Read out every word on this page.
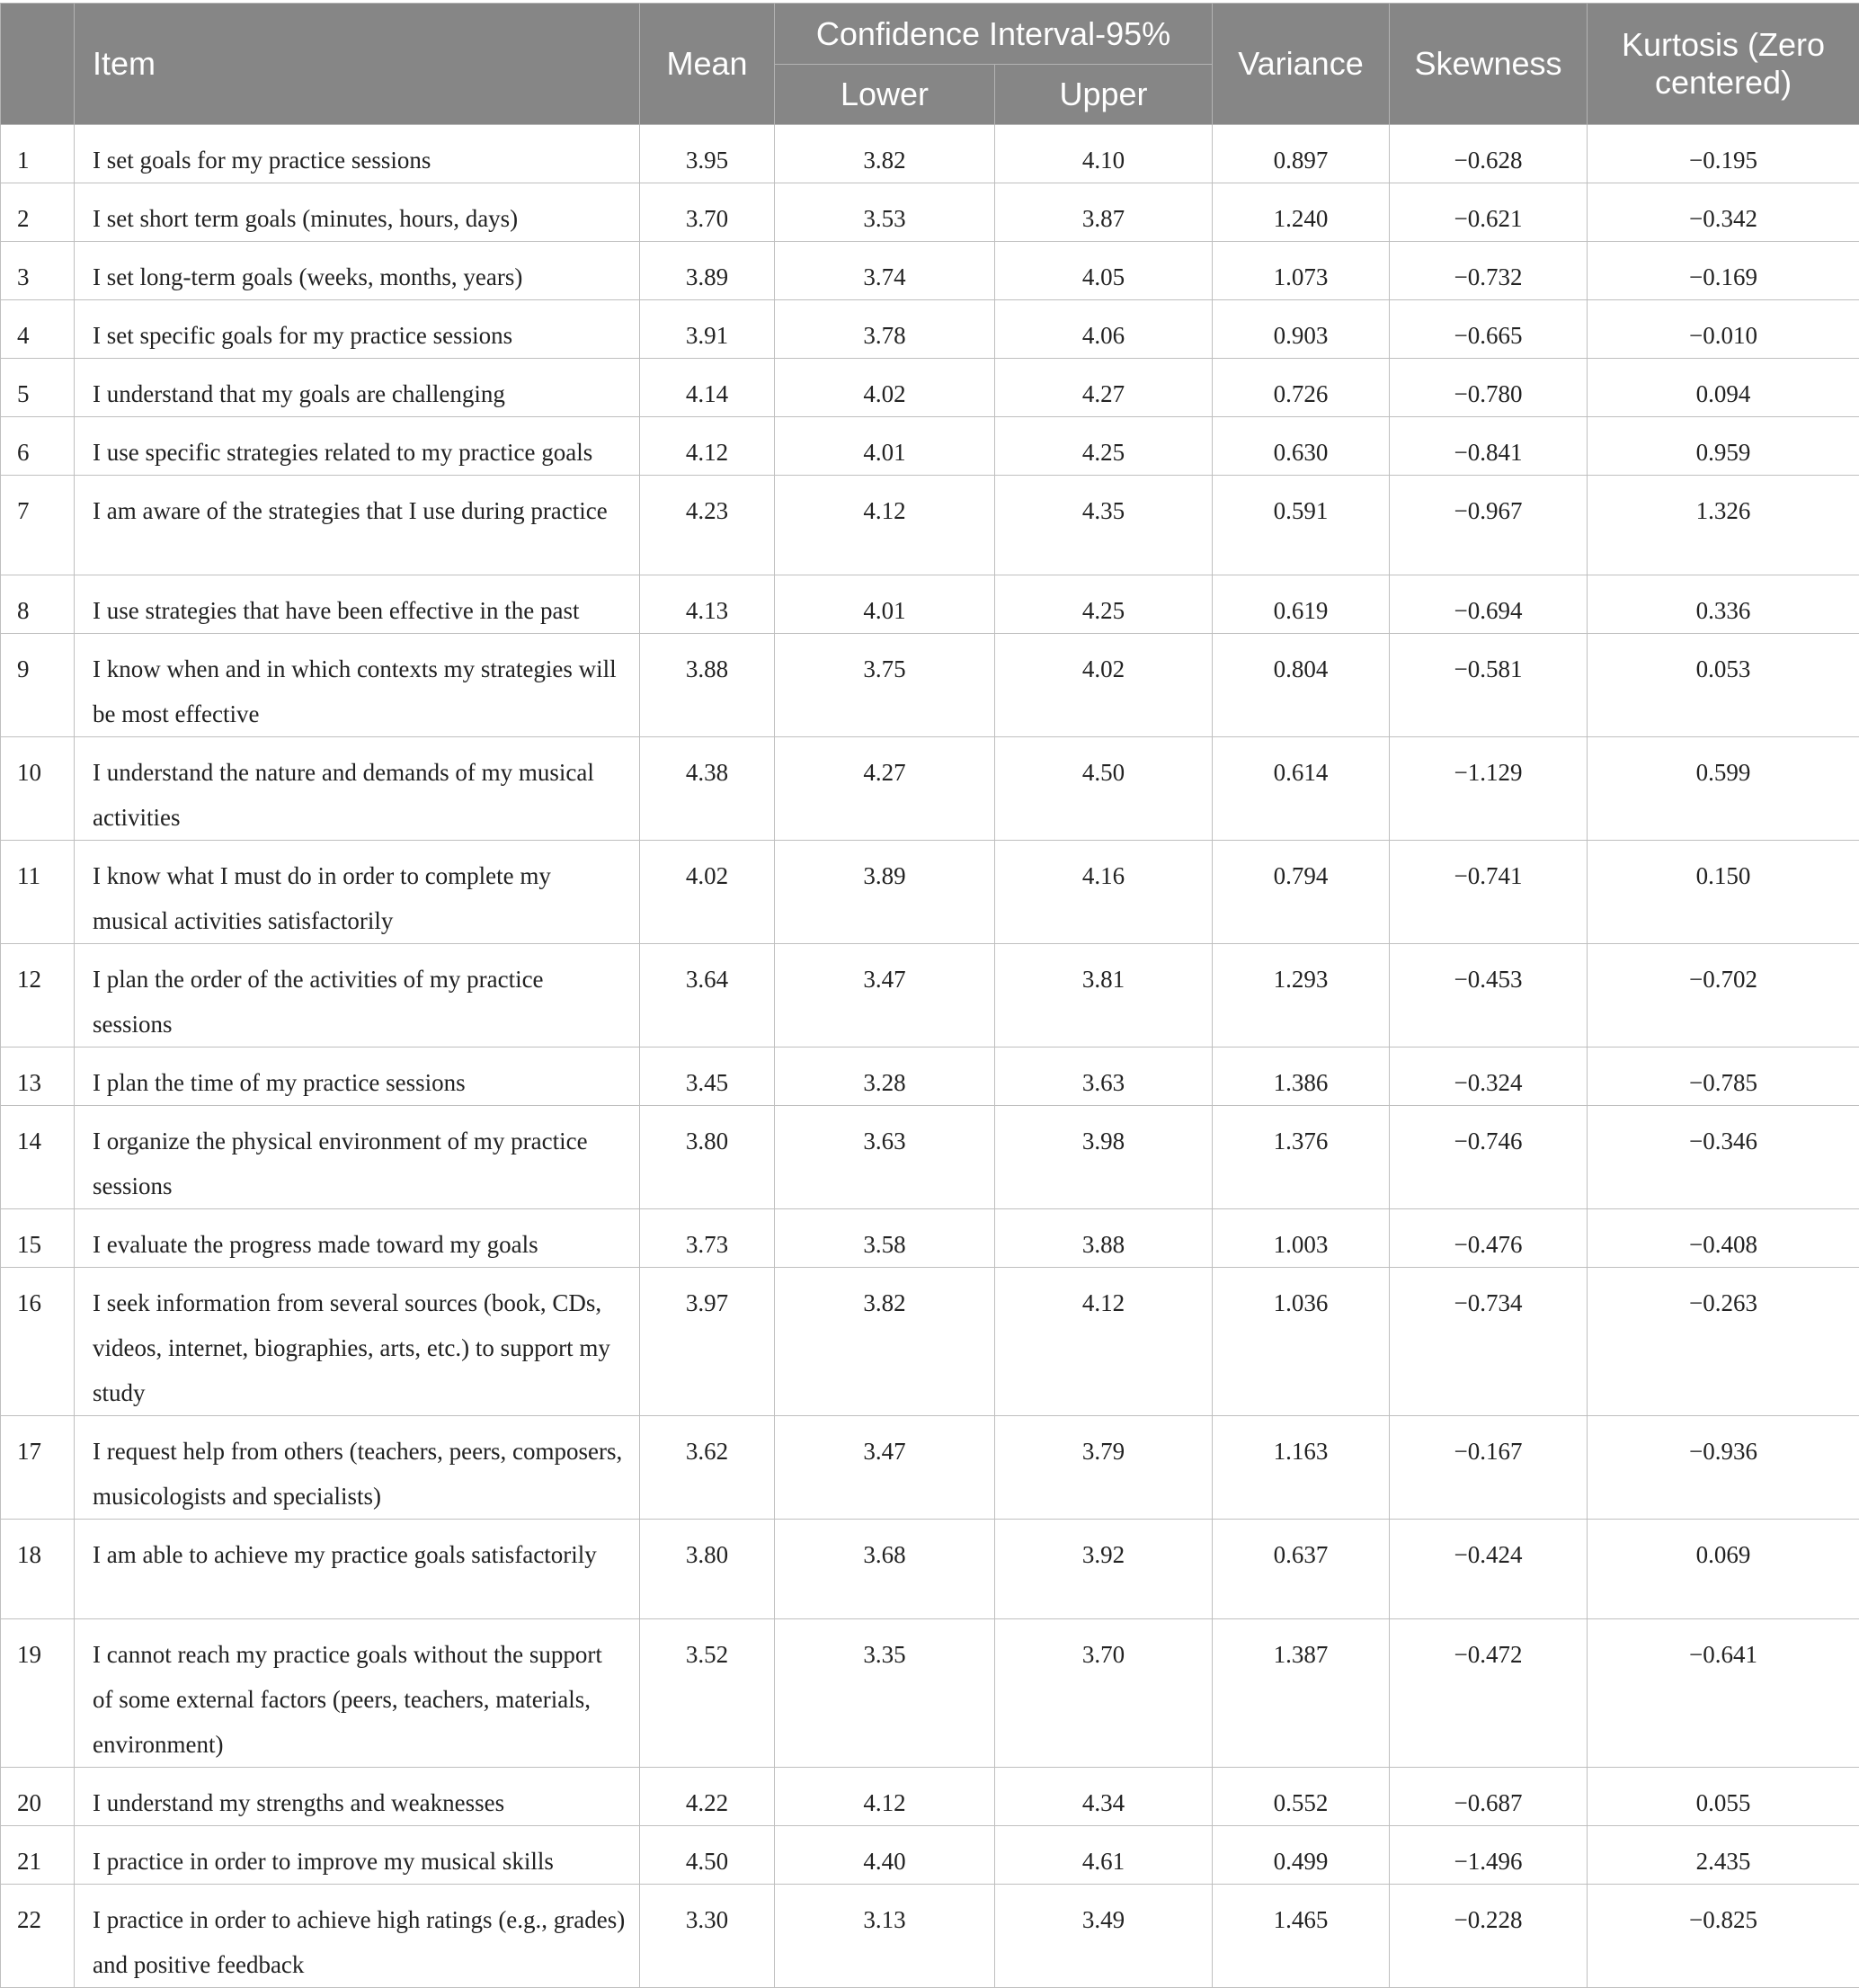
	Item	Mean	Confidence Interval-95%		Variance	Skewness	Kurtosis (Zero centered)
			Lower	Upper			
1	I set goals for my practice sessions	3.95	3.82	4.10	0.897	−0.628	−0.195
2	I set short term goals (minutes, hours, days)	3.70	3.53	3.87	1.240	−0.621	−0.342
3	I set long-term goals (weeks, months, years)	3.89	3.74	4.05	1.073	−0.732	−0.169
4	I set specific goals for my practice sessions	3.91	3.78	4.06	0.903	−0.665	−0.010
5	I understand that my goals are challenging	4.14	4.02	4.27	0.726	−0.780	0.094
6	I use specific strategies related to my practice goals	4.12	4.01	4.25	0.630	−0.841	0.959
7	I am aware of the strategies that I use during practice	4.23	4.12	4.35	0.591	−0.967	1.326
8	I use strategies that have been effective in the past	4.13	4.01	4.25	0.619	−0.694	0.336
9	I know when and in which contexts my strategies will be most effective	3.88	3.75	4.02	0.804	−0.581	0.053
10	I understand the nature and demands of my musical activities	4.38	4.27	4.50	0.614	−1.129	0.599
11	I know what I must do in order to complete my musical activities satisfactorily	4.02	3.89	4.16	0.794	−0.741	0.150
12	I plan the order of the activities of my practice sessions	3.64	3.47	3.81	1.293	−0.453	−0.702
13	I plan the time of my practice sessions	3.45	3.28	3.63	1.386	−0.324	−0.785
14	I organize the physical environment of my practice sessions	3.80	3.63	3.98	1.376	−0.746	−0.346
15	I evaluate the progress made toward my goals	3.73	3.58	3.88	1.003	−0.476	−0.408
16	I seek information from several sources (book, CDs, videos, internet, biographies, arts, etc.) to support my study	3.97	3.82	4.12	1.036	−0.734	−0.263
17	I request help from others (teachers, peers, composers, musicologists and specialists)	3.62	3.47	3.79	1.163	−0.167	−0.936
18	I am able to achieve my practice goals satisfactorily	3.80	3.68	3.92	0.637	−0.424	0.069
19	I cannot reach my practice goals without the support of some external factors (peers, teachers, materials, environment)	3.52	3.35	3.70	1.387	−0.472	−0.641
20	I understand my strengths and weaknesses	4.22	4.12	4.34	0.552	−0.687	0.055
21	I practice in order to improve my musical skills	4.50	4.40	4.61	0.499	−1.496	2.435
22	I practice in order to achieve high ratings (e.g., grades) and positive feedback	3.30	3.13	3.49	1.465	−0.228	−0.825
